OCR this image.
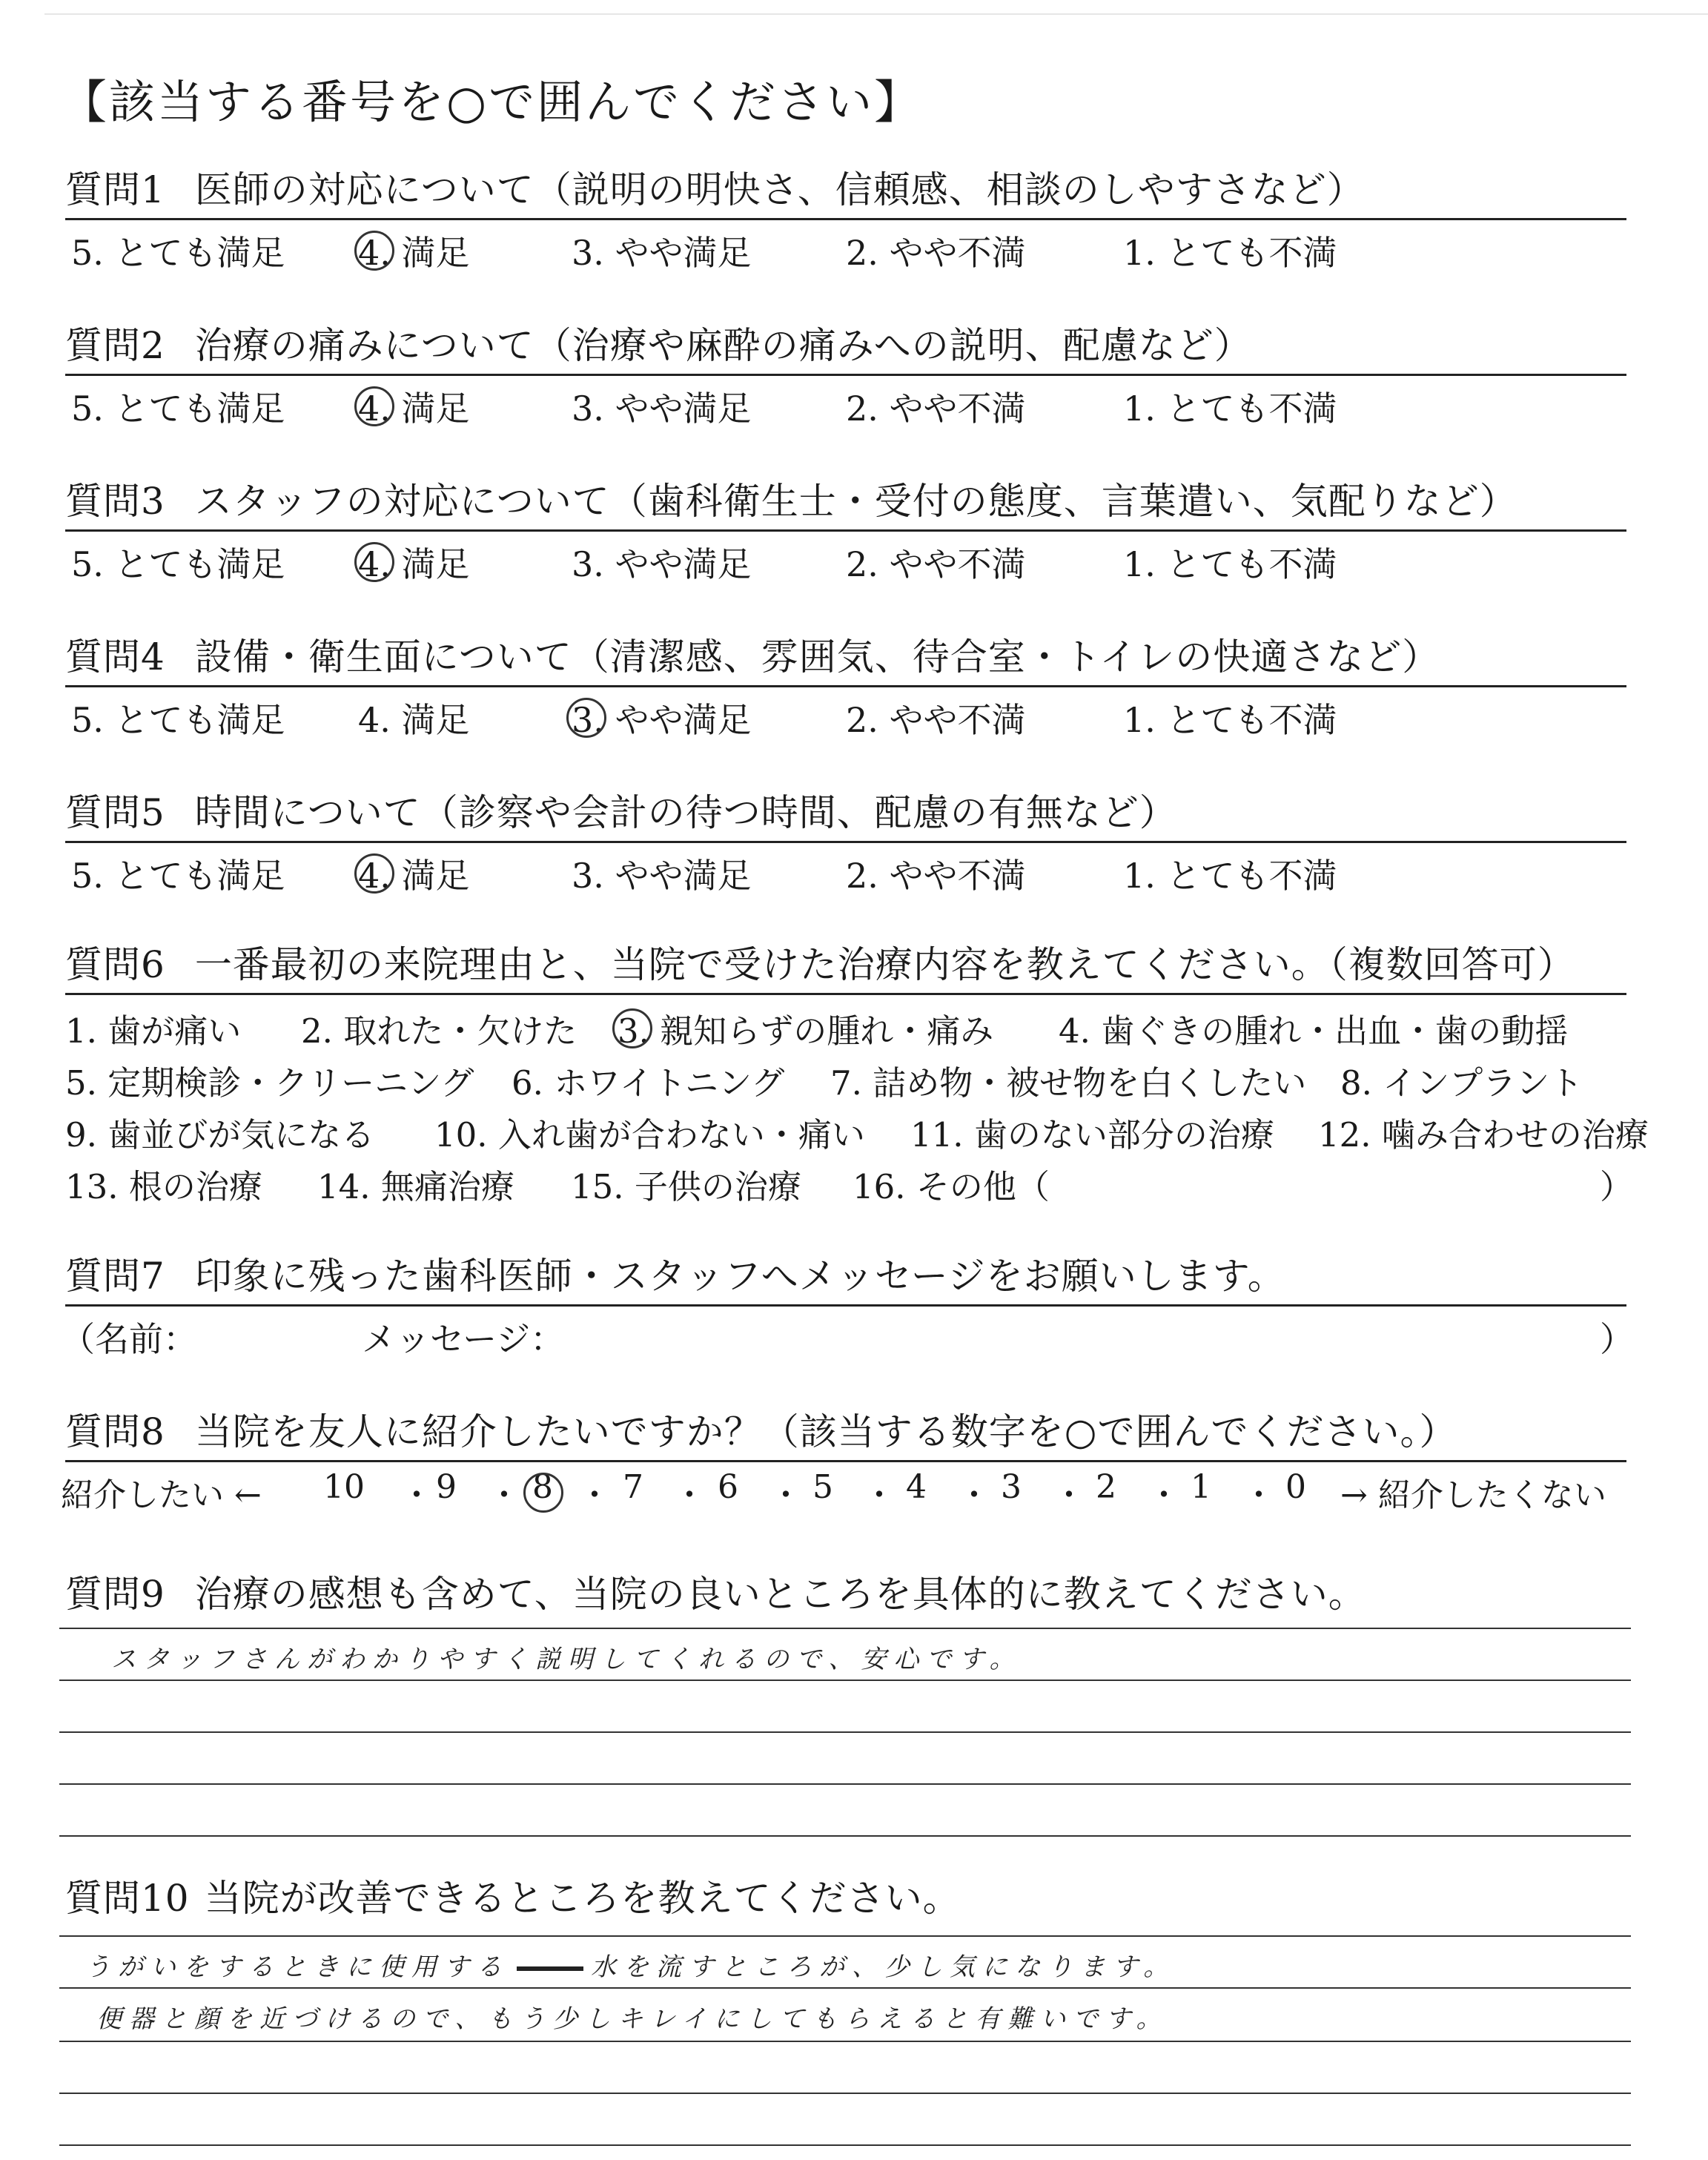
【該当する番号を○で囲んでください】
質問1 医師の対応について（説明の明快さ、信頼感、相談のしやすさなど）
5. とても満足 4. 満足	3. やや満足	2. やや不満	1. とても不満
質問2 治療の痛みについて（治療や麻酔の痛みへの説明、配慮など）
5. とても満足 4. 満足	3. やや満足	2. やや不満	1. とても不満
質問3 スタッフの対応について（歯科衛生士・受付の態度、言葉遣い、気配りなど）
5. とても満足 4. 満足	3. やや満足	2. やや不満	1. とても不満
質問4 設備・衛生面について（清潔感、雰囲気、待合室・トイレの快適さなど）
5. とても満足 4. 満足	3. やや満足	2. やや不満	1. とても不満
質問5 時間について（診察や会計の待つ時間、配慮の有無など）
5. とても満足 4. 満足	3. やや満足	2. やや不満	1. とても不満
質問6 一番最初の来院理由と、当院で受けた治療内容を教えてください。（複数回答可）
1. 歯が痛い 2. 取れた・欠けた 3. 親知らずの腫れ・痛み 4. 歯ぐきの腫れ・出血・歯の動揺
5. 定期検診・クリーニング 6. ホワイトニング 7. 詰め物・被せ物を白くしたい 8. インプラント
9. 歯並びが気になる 10. 入れ歯が合わない・痛い 11. 歯のない部分の治療 12. 噛み合わせの治療
13. 根の治療 14. 無痛治療 15. 子供の治療 16. その他（	）
質問7 印象に残った歯科医師・スタッフへメッセージをお願いします。
（名前：	メッセージ：	）
質問8 当院を友人に紹介したいですか？（該当する数字を○で囲んでください。）
紹介したい ← 10 ・ 9 ・ 8 ・ 7 ・ 6 ・ 5 ・ 4 ・ 3 ・ 2 ・ 1 ・ 0 → 紹介したくない
質問9 治療の感想も含めて、当院の良いところを具体的に教えてください。
スタッフさんがわかりやすく説明してくれるので、安心です。
質問10 当院が改善できるところを教えてください。
うがいをするときに使用する	水を流すところが、少し気になります。
便器と顔を近づけるので、もう少しキレイにしてもらえると有難いです。
